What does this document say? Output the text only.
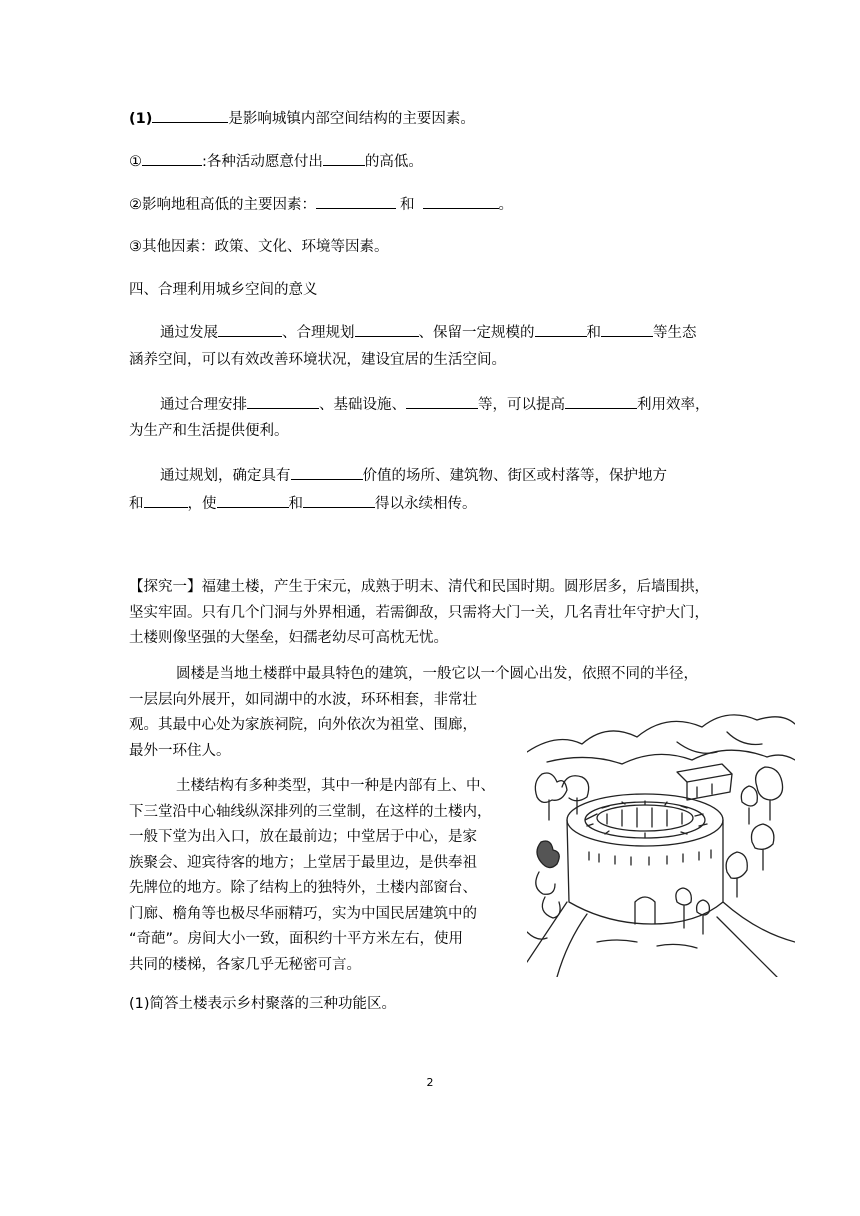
(1)	是影响城镇内部空间结构的主要因素。
①	:各种活动愿意付出	的高低。
②影响地租高低的主要因素：	和	。
③其他因素：政策、文化、环境等因素。
四、合理利用城乡空间的意义
通过发展	、合理规划	、保留一定规模的	和	等生态
涵养空间，可以有效改善环境状况，建设宜居的生活空间。
通过合理安排	、基础设施、	等，可以提高	利用效率，
为生产和生活提供便利。
通过规划，确定具有	价值的场所、建筑物、街区或村落等，保护地方
和	，使	和	得以永续相传。
【探究一】福建土楼，产生于宋元，成熟于明末、清代和民国时期。圆形居多，后墙围拱，
坚实牢固。只有几个门洞与外界相通，若需御敌，只需将大门一关，几名青壮年守护大门，
土楼则像坚强的大堡垒，妇孺老幼尽可高枕无忧。
圆楼是当地土楼群中最具特色的建筑，一般它以一个圆心出发，依照不同的半径，
一层层向外展开，如同湖中的水波，环环相套，非常壮
观。其最中心处为家族祠院，向外依次为祖堂、围廊，
最外一环住人。
土楼结构有多种类型，其中一种是内部有上、中、
下三堂沿中心轴线纵深排列的三堂制，在这样的土楼内，
一般下堂为出入口，放在最前边；中堂居于中心，是家
族聚会、迎宾待客的地方；上堂居于最里边，是供奉祖
先牌位的地方。除了结构上的独特外，土楼内部窗台、
门廊、檐角等也极尽华丽精巧，实为中国民居建筑中的
“奇葩”。房间大小一致，面积约十平方米左右，使用
共同的楼梯，各家几乎无秘密可言。
(1)简答土楼表示乡村聚落的三种功能区。
2
